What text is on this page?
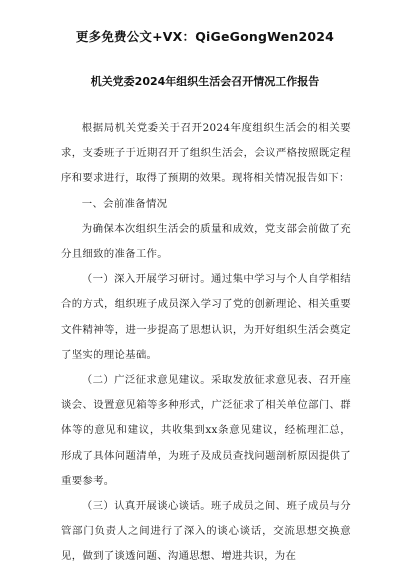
更多免费公文+VX：QiGeGongWen2024
机关党委2024年组织生活会召开情况工作报告

根据局机关党委关于召开2024年度组织生活会的相关要求，支委班子于近期召开了组织生活会，会议严格按照既定程序和要求进行，取得了预期的效果。现将相关情况报告如下：

一、会前准备情况

为确保本次组织生活会的质量和成效，党支部会前做了充分且细致的准备工作。

（一）深入开展学习研讨。通过集中学习与个人自学相结合的方式，组织班子成员深入学习了党的创新理论、相关重要文件精神等，进一步提高了思想认识，为开好组织生活会奠定了坚实的理论基础。

（二）广泛征求意见建议。采取发放征求意见表、召开座谈会、设置意见箱等多种形式，广泛征求了相关单位部门、群体等的意见和建议，共收集到xx条意见建议，经梳理汇总，形成了具体问题清单，为班子及成员查找问题剖析原因提供了重要参考。

（三）认真开展谈心谈话。班子成员之间、班子成员与分管部门负责人之间进行了深入的谈心谈话，交流思想交换意见，做到了谈透问题、沟通思想、增进共识，为在
